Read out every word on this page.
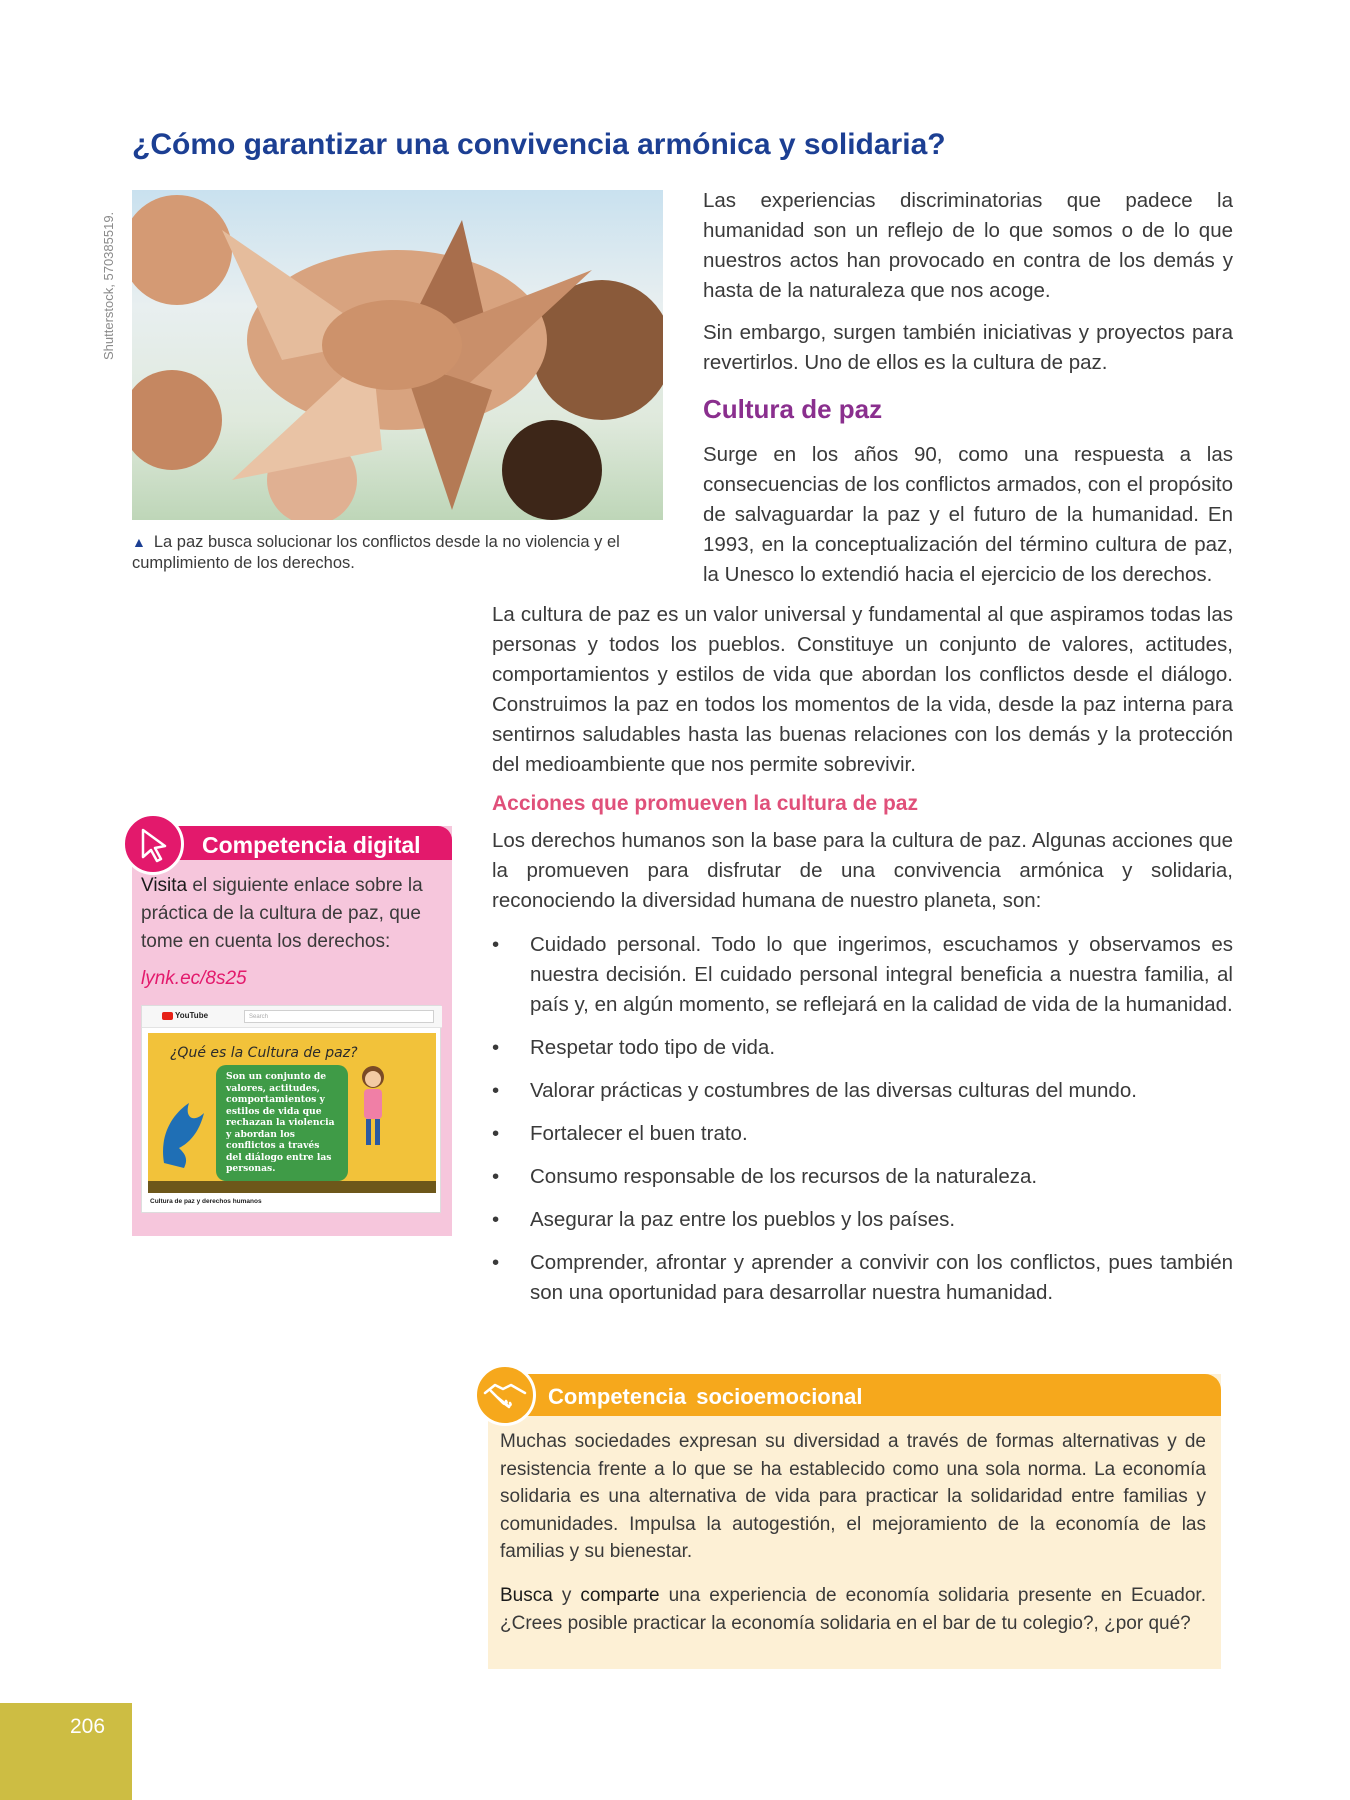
¿Cómo garantizar una convivencia armónica y solidaria?
Shutterstock, 570385519.
▲ La paz busca solucionar los conflictos desde la no violencia y el cumplimiento de los derechos.
Las experiencias discriminatorias que padece la humanidad son un reflejo de lo que somos o de lo que nuestros actos han provocado en contra de los demás y hasta de la naturaleza que nos acoge.
Sin embargo, surgen también iniciativas y proyectos para revertirlos. Uno de ellos es la cultura de paz.
Cultura de paz
Surge en los años 90, como una respuesta a las consecuencias de los conflictos armados, con el propósito de salvaguardar la paz y el futuro de la humanidad. En 1993, en la conceptualización del término cultura de paz, la Unesco lo extendió hacia el ejercicio de los derechos.
La cultura de paz es un valor universal y fundamental al que aspiramos todas las personas y todos los pueblos. Constituye un conjunto de valores, actitudes, comportamientos y estilos de vida que abordan los conflictos desde el diálogo. Construimos la paz en todos los momentos de la vida, desde la paz interna para sentirnos saludables hasta las buenas relaciones con los demás y la protección del medioambiente que nos permite sobrevivir.
Acciones que promueven la cultura de paz
Los derechos humanos son la base para la cultura de paz. Algunas acciones que la promueven para disfrutar de una convivencia armónica y solidaria, reconociendo la diversidad humana de nuestro planeta, son:
• Cuidado personal. Todo lo que ingerimos, escuchamos y observamos es nuestra decisión. El cuidado personal integral beneficia a nuestra familia, al país y, en algún momento, se reflejará en la calidad de vida de la humanidad.
• Respetar todo tipo de vida.
• Valorar prácticas y costumbres de las diversas culturas del mundo.
• Fortalecer el buen trato.
• Consumo responsable de los recursos de la naturaleza.
• Asegurar la paz entre los pueblos y los países.
• Comprender, afrontar y aprender a convivir con los conflictos, pues también son una oportunidad para desarrollar nuestra humanidad.
Competencia digital
Visita el siguiente enlace sobre la práctica de la cultura de paz, que tome en cuenta los derechos:
lynk.ec/8s25
YouTube	Search
¿Qué es la Cultura de paz?
Son un conjunto de valores, actitudes, comportamientos y estilos de vida que rechazan la violencia y abordan los conflictos a través del diálogo entre las personas.
Cultura de paz y derechos humanos
Competencia socioemocional
Muchas sociedades expresan su diversidad a través de formas alternativas y de resistencia frente a lo que se ha establecido como una sola norma. La economía solidaria es una alternativa de vida para practicar la solidaridad entre familias y comunidades. Impulsa la autogestión, el mejoramiento de la economía de las familias y su bienestar.
Busca y comparte una experiencia de economía solidaria presente en Ecuador. ¿Crees posible practicar la economía solidaria en el bar de tu colegio?, ¿por qué?
206
